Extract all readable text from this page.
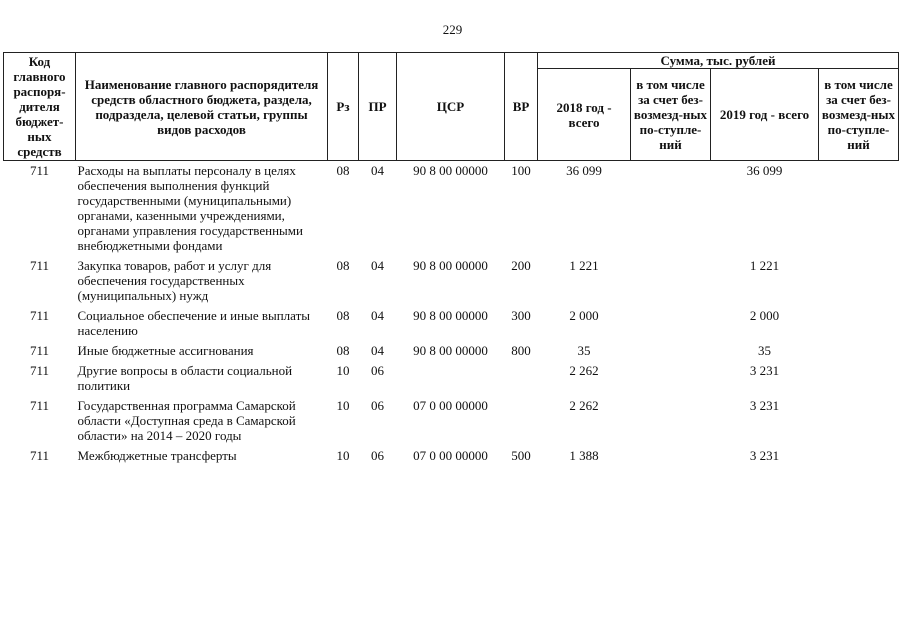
229
Код главного распоря-дителя бюджет-ных средств	Наименование главного распорядителя средств областного бюджета, раздела, подраздела, целевой статьи, группы видов расходов	Рз	ПР	ЦСР	ВР	Сумма, тыс. рублей			
						2018 год - всего	в том числе за счет без-возмезд-ных по-ступле-ний	2019 год - всего	в том числе за счет без-возмезд-ных по-ступле-ний
711	Расходы на выплаты персоналу в целях обеспечения выполнения функций государственными (муниципальными) органами, казенными учреждениями, органами управления государственными внебюджетными фондами	08	04	90 8 00 00000	100	36 099		36 099	
711	Закупка товаров, работ и услуг для обеспечения государственных (муниципальных) нужд	08	04	90 8 00 00000	200	1 221		1 221	
711	Социальное обеспечение и иные выплаты населению	08	04	90 8 00 00000	300	2 000		2 000	
711	Иные бюджетные ассигнования	08	04	90 8 00 00000	800	35		35	
711	Другие вопросы в области социальной политики	10	06			2 262		3 231	
711	Государственная программа Самарской области «Доступная среда в Самарской области» на 2014 – 2020 годы	10	06	07 0 00 00000		2 262		3 231	
711	Межбюджетные трансферты	10	06	07 0 00 00000	500	1 388		3 231	
